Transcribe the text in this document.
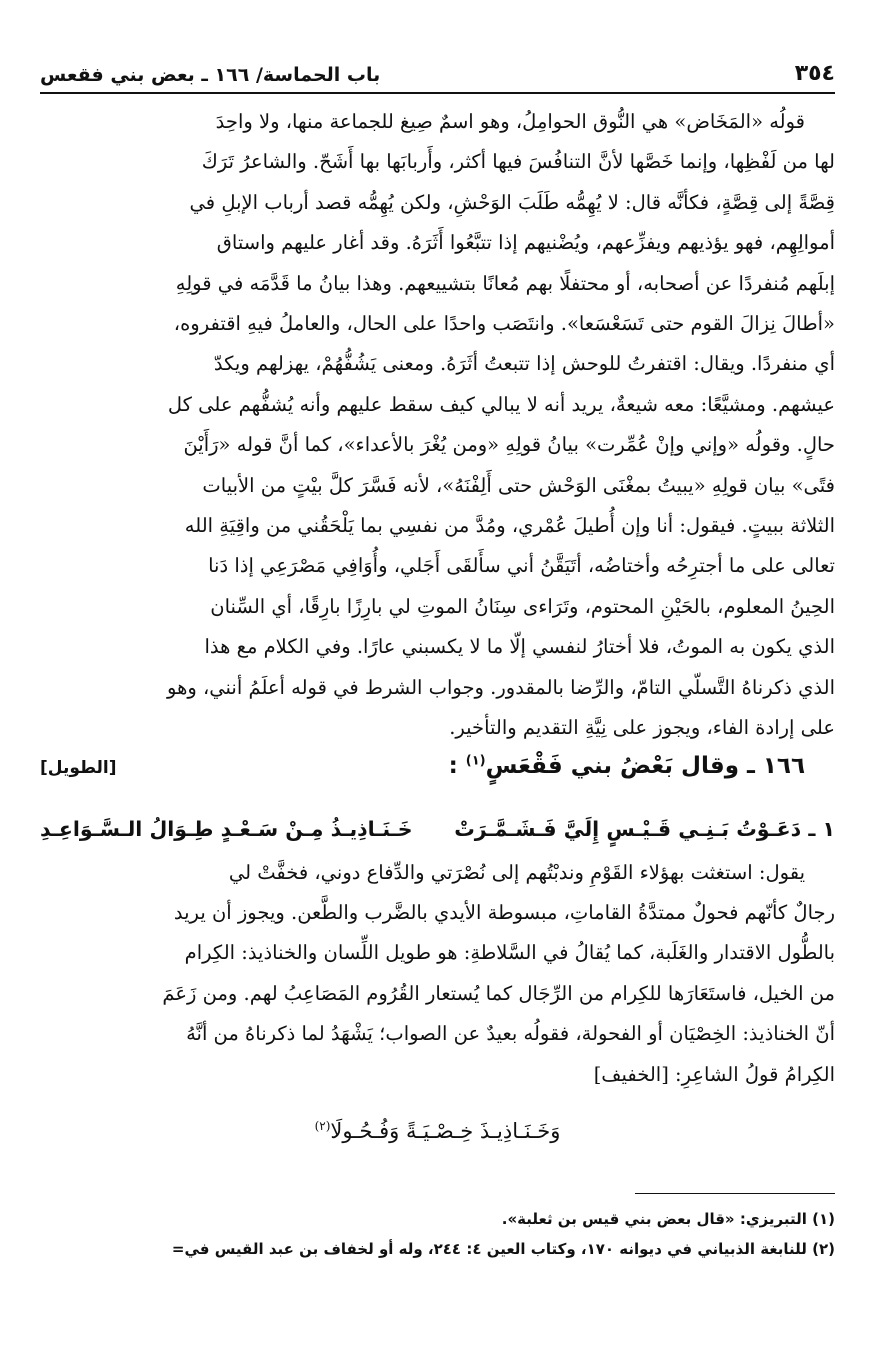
٣٥٤
باب الحماسة/ ١٦٦ ـ بعض بني فقعس

قولُه «المَخَاض» هي النُّوق الحوامِلُ، وهو اسمٌ صِيغ للجماعة منها، ولا واحِدَ

لها من لَفْظِها، وإنما خَصَّها لأنَّ التنافُسَ فيها أكثر، وأَربابَها بها أَشَحّ. والشاعرُ تَرَكَ

قِصَّةً إلى قِصَّةٍ، فكأنَّه قال: لا يُهِمُّه طَلَبَ الوَحْشِ، ولكن يُهِمُّه قصد أرباب الإبلِ في

أموالِهِم، فهو يؤذيهم ويفزِّعهم، ويُضْنيهم إذا تتبَّعُوا أَثَرَهُ. وقد أغار عليهم واستاق

إبلَهم مُنفردًا عن أصحابه، أو محتفلًا بهم مُعانًا بتشييعهم. وهذا بيانُ ما قَدَّمَه في قولِهِ

«أطالَ نِزالَ القوم حتى تَسَعْسَعا». وانتَصَب واحدًا على الحال، والعاملُ فيهِ اقتفروه،

أي منفردًا. ويقال: اقتفرتُ للوحش إذا تتبعتُ أثَرَهُ. ومعنى يَشُفُّهُمْ، يهزلهم ويكدّ

عيشهم. ومشيَّعًا: معه شيعةٌ، يريد أنه لا يبالي كيف سقط عليهم وأنه يُشفُّهم على كل

حالٍ. وقولُه «وإني وإنْ عُمِّرت» بيانُ قولِهِ «ومن يُغْرَ بالأعداء»، كما أنَّ قوله «رَأَيْنَ

فتًى» بيان قولِهِ «يبيتُ بمغْنَى الوَحْش حتى أَلِفْنَهُ»، لأنه فَسَّرَ كلَّ بيْتٍ من الأبيات

الثلاثة ببيتٍ. فيقول: أنا وإن أُطيلَ عُمْري، ومُدَّ من نفسِي بما يَلْحَقُني من واقِيَةِ الله

تعالى على ما أجترِحُه وأختاضُه، أتَيَقَّنُ أني سأَلقَى أَجَلي، وأُوَافِي مَصْرَعِي إذا دَنا

الحِينُ المعلوم، بالحَيْنِ المحتوم، وتَرَاءى سِنَانُ الموتِ لي بارِزًا بارِقًا، أي السِّنان

الذي يكون به الموتُ، فلا أختارُ لنفسي إلّا ما لا يكسبني عارًا. وفي الكلام مع هذا

الذي ذكرناهُ التَّسلّي التامّ، والرِّضا بالمقدور. وجواب الشرط في قوله أعلَمُ أنني، وهو

على إرادة الفاء، ويجوز على نِيَّةِ التقديم والتأخير.

١٦٦ ـ وقال بَعْضُ بني فَقْعَسٍ$^{(١)}$ :
[الطويل]
١ ـ دَعَـوْتُ بَـنِـي قَـيْـسٍ إِلَيَّ فَـشَـمَّـرَتْ
خَـنَـاذِيـذُ مِـنْ سَـعْـدٍ طِـوَالُ الـسَّـوَاعِـدِ

يقول: استغثت بهؤلاء القَوْمِ وندبْتُهم إلى نُصْرَتي والدِّفاع دوني، فخفَّتْ لي

رجالٌ كأنّهم فحولٌ ممتدَّةُ القاماتِ، مبسوطة الأيدي بالضَّرب والطَّعن. ويجوز أن يريد

بالطُّول الاقتدار والغَلَبة، كما يُقالُ في السَّلاطةِ: هو طويل اللِّسان والخناذيذ: الكِرام

من الخيل، فاستَعَارَها للكِرام من الرِّجَال كما يُستعار القُرُوم المَصَاعِبُ لهم. ومن زَعَمَ

أنّ الخناذيذ: الخِصْيَان أو الفحولة، فقولُه بعيدٌ عن الصواب؛ يَشْهَدُ لما ذكرناهُ من أنَّهُ

الكِرامُ قولُ الشاعِرِ: [الخفيف]

وَخَـنَـاذِيـذَ خِـصْـيَـةً وَفُـحُـولَا$^{(٢)}$
(١) التبريزي: «قال بعض بني قيس بن ثعلبة».
(٢) للنابغة الذبياني في ديوانه ١٧٠، وكتاب العين ٤: ٢٤٤، وله أو لخفاف بن عبد القيس في=
